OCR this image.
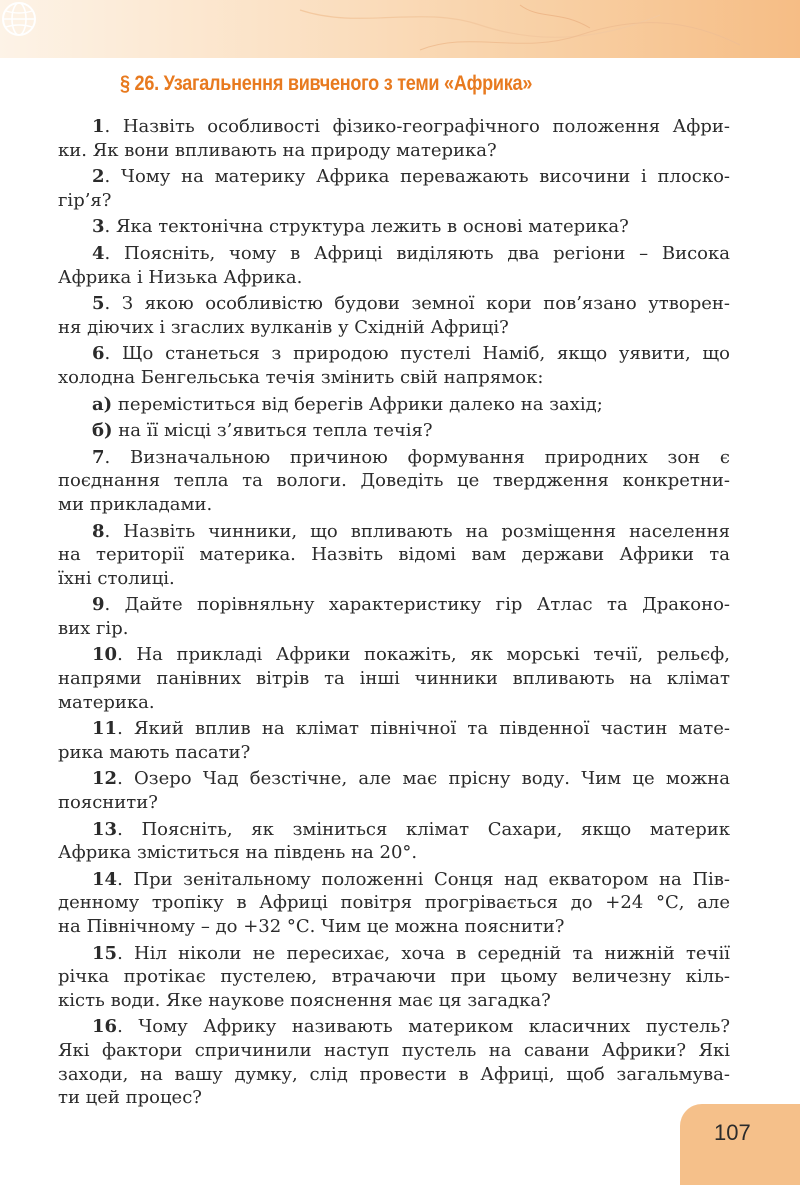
§ 26. Узагальнення вивченого з теми «Африка»
1. Назвіть особливості фізико-географічного положення Афри-
ки. Як вони впливають на природу материка?
2. Чому на материку Африка переважають височини і плоско-
гір’я?
3. Яка тектонічна структура лежить в основі материка?
4. Поясніть, чому в Африці виділяють два регіони – Висока
Африка і Низька Африка.
5. З якою особливістю будови земної кори пов’язано утворен-
ня діючих і згаслих вулканів у Східній Африці?
6. Що станеться з природою пустелі Наміб, якщо уявити, що
холодна Бенгельська течія змінить свій напрямок:
а) переміститься від берегів Африки далеко на захід;
б) на її місці з’явиться тепла течія?
7. Визначальною причиною формування природних зон є
поєднання тепла та вологи. Доведіть це твердження конкретни-
ми прикладами.
8. Назвіть чинники, що впливають на розміщення населення
на території материка. Назвіть відомі вам держави Африки та
їхні столиці.
9. Дайте порівняльну характеристику гір Атлас та Драконо-
вих гір.
10. На прикладі Африки покажіть, як морські течії, рельєф,
напрями панівних вітрів та інші чинники впливають на клімат
материка.
11. Який вплив на клімат північної та південної частин мате-
рика мають пасати?
12. Озеро Чад безстічне, але має прісну воду. Чим це можна
пояснити?
13. Поясніть, як зміниться клімат Сахари, якщо материк
Африка зміститься на південь на 20°.
14. При зенітальному положенні Сонця над екватором на Пів-
денному тропіку в Африці повітря прогрівається до +24 °С, але
на Північному – до +32 °С. Чим це можна пояснити?
15. Ніл ніколи не пересихає, хоча в середній та нижній течії
річка протікає пустелею, втрачаючи при цьому величезну кіль-
кість води. Яке наукове пояснення має ця загадка?
16. Чому Африку називають материком класичних пустель?
Які фактори спричинили наступ пустель на савани Африки? Які
заходи, на вашу думку, слід провести в Африці, щоб загальмува-
ти цей процес?
107
